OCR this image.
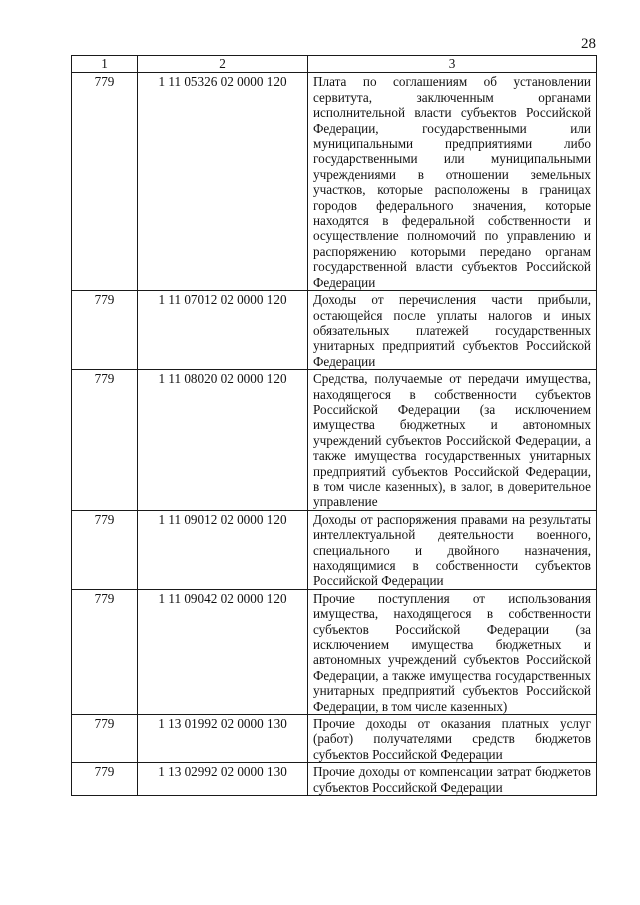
28
1	2	3
779	1 11 05326 02 0000 120	Плата по соглашениям об установлении сервитута, заключенным органами исполнительной власти субъектов Российской Федерации, государственными или муниципальными предприятиями либо государственными или муниципальными учреждениями в отношении земельных участков, которые расположены в границах городов федерального значения, которые находятся в федеральной собственности и осуществление полномочий по управлению и распоряжению которыми передано органам государственной власти субъектов Российской Федерации
779	1 11 07012 02 0000 120	Доходы от перечисления части прибыли, остающейся после уплаты налогов и иных обязательных платежей государственных унитарных предприятий субъектов Российской Федерации
779	1 11 08020 02 0000 120	Средства, получаемые от передачи имущества, находящегося в собственности субъектов Российской Федерации (за исключением имущества бюджетных и автономных учреждений субъектов Российской Федерации, а также имущества государственных унитарных предприятий субъектов Российской Федерации, в том числе казенных), в залог, в доверительное управление
779	1 11 09012 02 0000 120	Доходы от распоряжения правами на результаты интеллектуальной деятельности военного, специального и двойного назначения, находящимися в собственности субъектов Российской Федерации
779	1 11 09042 02 0000 120	Прочие поступления от использования имущества, находящегося в собственности субъектов Российской Федерации (за исключением имущества бюджетных и автономных учреждений субъектов Российской Федерации, а также имущества государственных унитарных предприятий субъектов Российской Федерации, в том числе казенных)
779	1 13 01992 02 0000 130	Прочие доходы от оказания платных услуг (работ) получателями средств бюджетов субъектов Российской Федерации
779	1 13 02992 02 0000 130	Прочие доходы от компенсации затрат бюджетов субъектов Российской Федерации
